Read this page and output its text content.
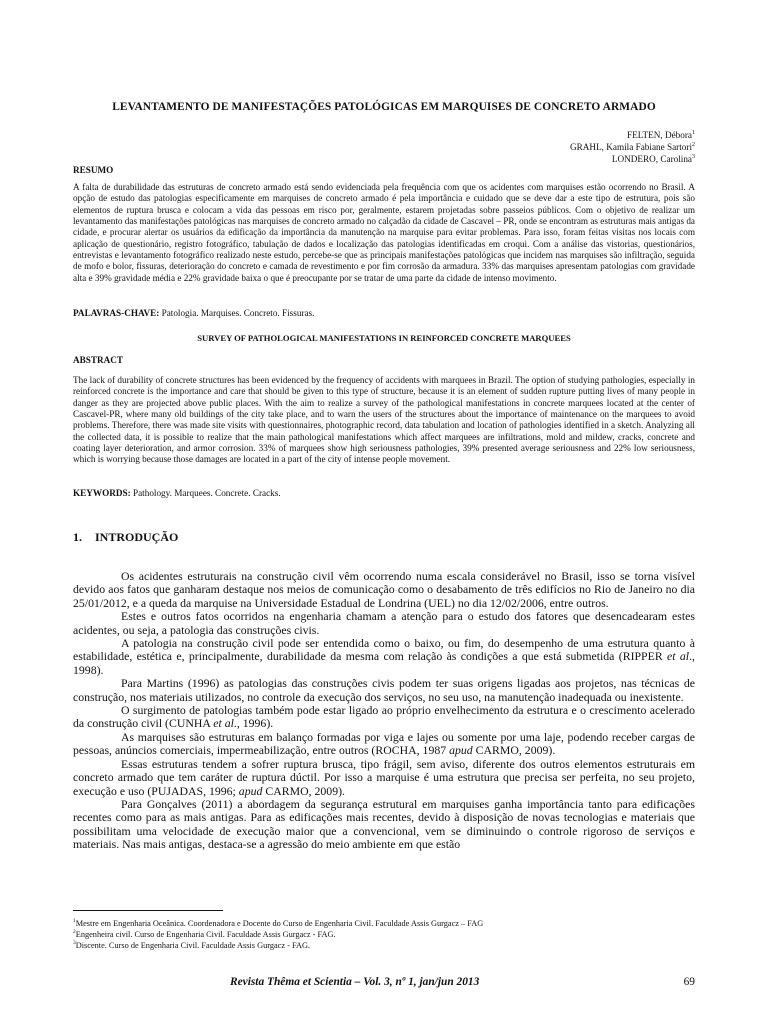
LEVANTAMENTO DE MANIFESTAÇÕES PATOLÓGICAS EM MARQUISES DE CONCRETO ARMADO
FELTEN, Débora$^1$
GRAHL, Kamila Fabiane Sartori$^2$
LONDERO, Carolina$^3$
RESUMO
A falta de durabilidade das estruturas de concreto armado está sendo evidenciada pela frequência com que os acidentes com marquises estão ocorrendo no Brasil. A opção de estudo das patologias especificamente em marquises de concreto armado é pela importância e cuidado que se deve dar a este tipo de estrutura, pois são elementos de ruptura brusca e colocam a vida das pessoas em risco por, geralmente, estarem projetadas sobre passeios públicos. Com o objetivo de realizar um levantamento das manifestações patológicas nas marquises de concreto armado no calçadão da cidade de Cascavel – PR, onde se encontram as estruturas mais antigas da cidade, e procurar alertar os usuários da edificação da importância da manutenção na marquise para evitar problemas. Para isso, foram feitas visitas nos locais com aplicação de questionário, registro fotográfico, tabulação de dados e localização das patologias identificadas em croqui. Com a análise das vistorias, questionários, entrevistas e levantamento fotográfico realizado neste estudo, percebe-se que as principais manifestações patológicas que incidem nas marquises são infiltração, seguida de mofo e bolor, fissuras, deterioração do concreto e camada de revestimento e por fim corrosão da armadura. 33% das marquises apresentam patologias com gravidade alta e 39% gravidade média e 22% gravidade baixa o que é preocupante por se tratar de uma parte da cidade de intenso movimento.
PALAVRAS-CHAVE: Patologia. Marquises. Concreto. Fissuras.
SURVEY OF PATHOLOGICAL MANIFESTATIONS IN REINFORCED CONCRETE MARQUEES
ABSTRACT
The lack of durability of concrete structures has been evidenced by the frequency of accidents with marquees in Brazil. The option of studying pathologies, especially in reinforced concrete is the importance and care that should be given to this type of structure, because it is an element of sudden rupture putting lives of many people in danger as they are projected above public places. With the aim to realize a survey of the pathological manifestations in concrete marquees located at the center of Cascavel-PR, where many old buildings of the city take place, and to warn the users of the structures about the importance of maintenance on the marquees to avoid problems. Therefore, there was made site visits with questionnaires, photographic record, data tabulation and location of pathologies identified in a sketch. Analyzing all the collected data, it is possible to realize that the main pathological manifestations which affect marquees are infiltrations, mold and mildew, cracks, concrete and coating layer deterioration, and armor corrosion. 33% of marquees show high seriousness pathologies, 39% presented average seriousness and 22% low seriousness, which is worrying because those damages are located in a part of the city of intense people movement.
KEYWORDS: Pathology. Marquees. Concrete. Cracks.
1. INTRODUÇÃO

Os acidentes estruturais na construção civil vêm ocorrendo numa escala considerável no Brasil, isso se torna visível devido aos fatos que ganharam destaque nos meios de comunicação como o desabamento de três edifícios no Rio de Janeiro no dia 25/01/2012, e a queda da marquise na Universidade Estadual de Londrina (UEL) no dia 12/02/2006, entre outros.

Estes e outros fatos ocorridos na engenharia chamam a atenção para o estudo dos fatores que desencadearam estes acidentes, ou seja, a patologia das construções civis.

A patologia na construção civil pode ser entendida como o baixo, ou fim, do desempenho de uma estrutura quanto à estabilidade, estética e, principalmente, durabilidade da mesma com relação às condições a que está submetida (RIPPER et al., 1998).

Para Martins (1996) as patologias das construções civis podem ter suas origens ligadas aos projetos, nas técnicas de construção, nos materiais utilizados, no controle da execução dos serviços, no seu uso, na manutenção inadequada ou inexistente.

O surgimento de patologias também pode estar ligado ao próprio envelhecimento da estrutura e o crescimento acelerado da construção civil (CUNHA et al., 1996).

As marquises são estruturas em balanço formadas por viga e lajes ou somente por uma laje, podendo receber cargas de pessoas, anúncios comerciais, impermeabilização, entre outros (ROCHA, 1987 apud CARMO, 2009).

Essas estruturas tendem a sofrer ruptura brusca, tipo frágil, sem aviso, diferente dos outros elementos estruturais em concreto armado que tem caráter de ruptura dúctil. Por isso a marquise é uma estrutura que precisa ser perfeita, no seu projeto, execução e uso (PUJADAS, 1996; apud CARMO, 2009).

Para Gonçalves (2011) a abordagem da segurança estrutural em marquises ganha importância tanto para edificações recentes como para as mais antigas. Para as edificações mais recentes, devido à disposição de novas tecnologias e materiais que possibilitam uma velocidade de execução maior que a convencional, vem se diminuindo o controle rigoroso de serviços e materiais. Nas mais antigas, destaca-se a agressão do meio ambiente em que estão

$^1$Mestre em Engenharia Oceânica. Coordenadora e Docente do Curso de Engenharia Civil. Faculdade Assis Gurgacz – FAG
$^2$Engenheira civil. Curso de Engenharia Civil. Faculdade Assis Gurgacz - FAG.
$^3$Discente. Curso de Engenharia Civil. Faculdade Assis Gurgacz - FAG.
Revista Thêma et Scientia – Vol. 3, nº 1, jan/jun 2013	69
